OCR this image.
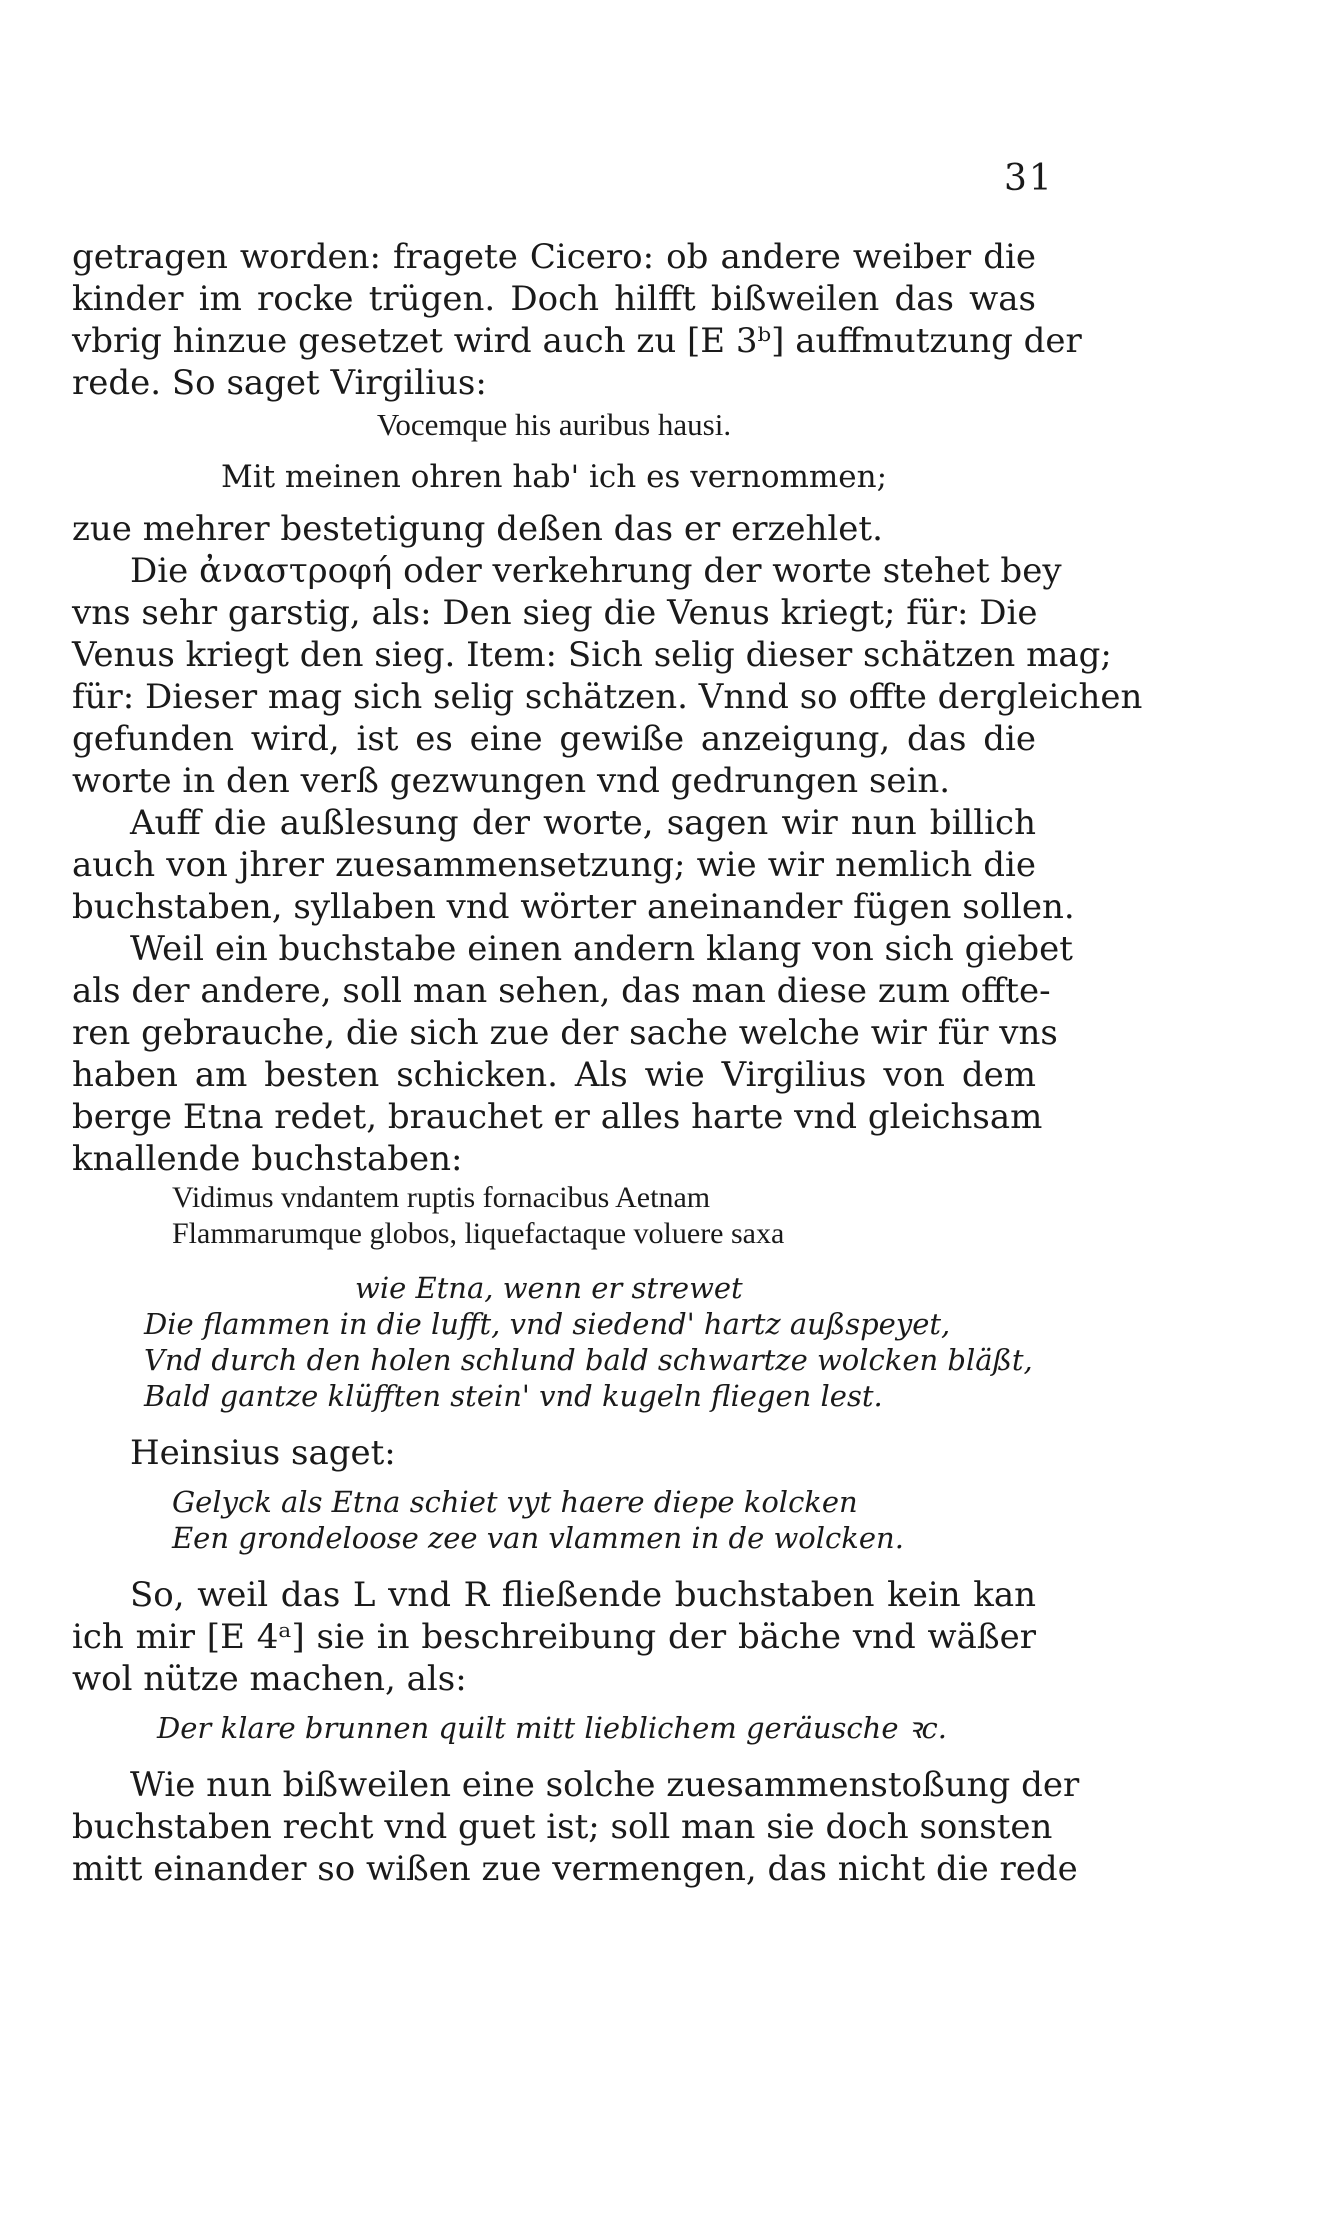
31
getragen worden: fragete Cicero: ob andere weiber die
kinder im rocke trügen. Doch hilfft bißweilen das was
vbrig hinzue gesetzet wird auch zu [E 3ᵇ] auffmutzung der
rede. So saget Virgilius:
Vocemque his auribus hausi.
Mit meinen ohren hab' ich es vernommen;
zue mehrer bestetigung deßen das er erzehlet.
Die ἀναστροφή oder verkehrung der worte stehet bey
vns sehr garstig, als: Den sieg die Venus kriegt; für: Die
Venus kriegt den sieg. Item: Sich selig dieser schätzen mag;
für: Dieser mag sich selig schätzen. Vnnd so offte dergleichen
gefunden wird, ist es eine gewiße anzeigung, das die
worte in den verß gezwungen vnd gedrungen sein.
Auff die außlesung der worte, sagen wir nun billich
auch von jhrer zuesammensetzung; wie wir nemlich die
buchstaben, syllaben vnd wörter aneinander fügen sollen.
Weil ein buchstabe einen andern klang von sich giebet
als der andere, soll man sehen, das man diese zum offte-
ren gebrauche, die sich zue der sache welche wir für vns
haben am besten schicken. Als wie Virgilius von dem
berge Etna redet, brauchet er alles harte vnd gleichsam
knallende buchstaben:
Vidimus vndantem ruptis fornacibus Aetnam
Flammarumque globos, liquefactaque voluere saxa
wie Etna, wenn er strewet
Die flammen in die lufft, vnd siedend' hartz außspeyet,
Vnd durch den holen schlund bald schwartze wolcken bläßt,
Bald gantze klüfften stein' vnd kugeln fliegen lest.
Heinsius saget:
Gelyck als Etna schiet vyt haere diepe kolcken
Een grondeloose zee van vlammen in de wolcken.
So, weil das L vnd R fließende buchstaben kein kan
ich mir [E 4ᵃ] sie in beschreibung der bäche vnd wäßer
wol nütze machen, als:
Der klare brunnen quilt mitt lieblichem geräusche ꝛc.
Wie nun bißweilen eine solche zuesammenstoßung der
buchstaben recht vnd guet ist; soll man sie doch sonsten
mitt einander so wißen zue vermengen, das nicht die rede
